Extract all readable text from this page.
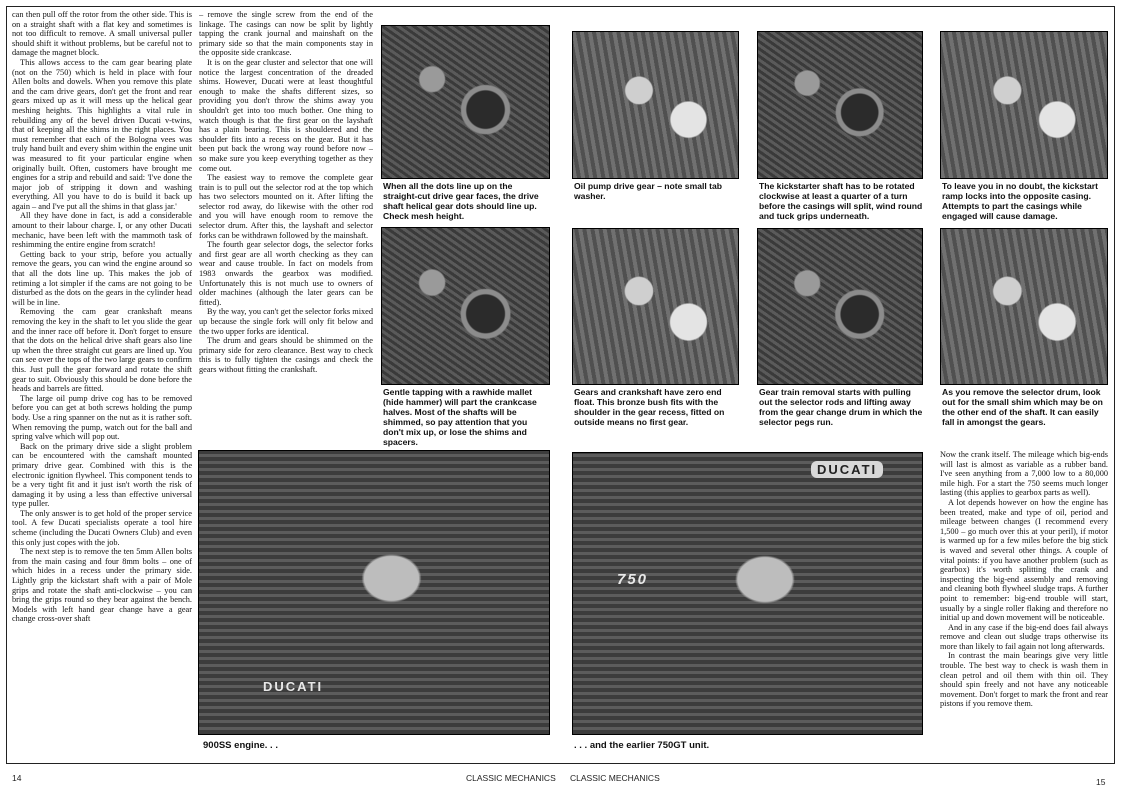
can then pull off the rotor from the other side. This is on a straight shaft with a flat key and sometimes is not too difficult to remove. A small universal puller should shift it without problems, but be careful not to damage the magnet block.

This allows access to the cam gear bearing plate (not on the 750) which is held in place with four Allen bolts and dowels. When you remove this plate and the cam drive gears, don't get the front and rear gears mixed up as it will mess up the helical gear meshing heights. This highlights a vital rule in rebuilding any of the bevel driven Ducati v-twins, that of keeping all the shims in the right places. You must remember that each of the Bologna vees was truly hand built and every shim within the engine unit was measured to fit your particular engine when originally built. Often, customers have brought me engines for a strip and rebuild and said: 'I've done the major job of stripping it down and washing everything. All you have to do is build it back up again – and I've put all the shims in that glass jar.'

All they have done in fact, is add a considerable amount to their labour charge. I, or any other Ducati mechanic, have been left with the mammoth task of reshimming the entire engine from scratch!

Getting back to your strip, before you actually remove the gears, you can wind the engine around so that all the dots line up. This makes the job of retiming a lot simpler if the cams are not going to be disturbed as the dots on the gears in the cylinder head will be in line.

Removing the cam gear crankshaft means removing the key in the shaft to let you slide the gear and the inner race off before it. Don't forget to ensure that the dots on the helical drive shaft gears also line up when the three straight cut gears are lined up. You can see over the tops of the two large gears to confirm this. Just pull the gear forward and rotate the shift gear to suit. Obviously this should be done before the heads and barrels are fitted.

The large oil pump drive cog has to be removed before you can get at both screws holding the pump body. Use a ring spanner on the nut as it is rather soft. When removing the pump, watch out for the ball and spring valve which will pop out.

Back on the primary drive side a slight problem can be encountered with the camshaft mounted primary drive gear. Combined with this is the electronic ignition flywheel. This component tends to be a very tight fit and it just isn't worth the risk of damaging it by using a less than effective universal type puller.

The only answer is to get hold of the proper service tool. A few Ducati specialists operate a tool hire scheme (including the Ducati Owners Club) and even this only just copes with the job.

The next step is to remove the ten 5mm Allen bolts from the main casing and four 8mm bolts – one of which hides in a recess under the primary side. Lightly grip the kickstart shaft with a pair of Mole grips and rotate the shaft anti-clockwise – you can bring the grips round so they bear against the bench. Models with left hand gear change have a gear change cross-over shaft

– remove the single screw from the end of the linkage. The casings can now be split by lightly tapping the crank journal and mainshaft on the primary side so that the main components stay in the opposite side crankcase.

It is on the gear cluster and selector that one will notice the largest concentration of the dreaded shims. However, Ducati were at least thoughtful enough to make the shafts different sizes, so providing you don't throw the shims away you shouldn't get into too much bother. One thing to watch though is that the first gear on the layshaft has a plain bearing. This is shouldered and the shoulder fits into a recess on the gear. But it has been put back the wrong way round before now – so make sure you keep everything together as they come out.

The easiest way to remove the complete gear train is to pull out the selector rod at the top which has two selectors mounted on it. After lifting the selector rod away, do likewise with the other rod and you will have enough room to remove the selector drum. After this, the layshaft and selector forks can be withdrawn followed by the mainshaft.

The fourth gear selector dogs, the selector forks and first gear are all worth checking as they can wear and cause trouble. In fact on models from 1983 onwards the gearbox was modified. Unfortunately this is not much use to owners of older machines (although the later gears can be fitted).

By the way, you can't get the selector forks mixed up because the single fork will only fit below and the two upper forks are identical.

The drum and gears should be shimmed on the primary side for zero clearance. Best way to check this is to fully tighten the casings and check the gears without fitting the crankshaft.

When all the dots line up on the straight-cut drive gear faces, the drive shaft helical gear dots should line up. Check mesh height.
Oil pump drive gear – note small tab washer.
The kickstarter shaft has to be rotated clockwise at least a quarter of a turn before the casings will split, wind round and tuck grips underneath.
To leave you in no doubt, the kickstart ramp locks into the opposite casing. Attempts to part the casings while engaged will cause damage.
Gentle tapping with a rawhide mallet (hide hammer) will part the crankcase halves. Most of the shafts will be shimmed, so pay attention that you don't mix up, or lose the shims and spacers.
Gears and crankshaft have zero end float. This bronze bush fits with the shoulder in the gear recess, fitted on outside means no first gear.
Gear train removal starts with pulling out the selector rods and lifting away from the gear change drum in which the selector pegs run.
As you remove the selector drum, look out for the small shim which may be on the other end of the shaft. It can easily fall in amongst the gears.
DUCATI
900SS engine. . .
DUCATI
750
. . . and the earlier 750GT unit.

Now the crank itself. The mileage which big-ends will last is almost as variable as a rubber band. I've seen anything from a 7,000 low to a 80,000 mile high. For a start the 750 seems much longer lasting (this applies to gearbox parts as well).

A lot depends however on how the engine has been treated, make and type of oil, period and mileage between changes (I recommend every 1,500 – go much over this at your peril), if motor is warmed up for a few miles before the big stick is waved and several other things. A couple of vital points: if you have another problem (such as gearbox) it's worth splitting the crank and inspecting the big-end assembly and removing and cleaning both flywheel sludge traps. A further point to remember: big-end trouble will start, usually by a single roller flaking and therefore no initial up and down movement will be noticeable.

And in any case if the big-end does fail always remove and clean out sludge traps otherwise its more than likely to fail again not long afterwards.

In contrast the main bearings give very little trouble. The best way to check is wash them in clean petrol and oil them with thin oil. They should spin freely and not have any noticeable movement. Don't forget to mark the front and rear pistons if you remove them.

14	CLASSIC MECHANICS CLASSIC MECHANICS	15
